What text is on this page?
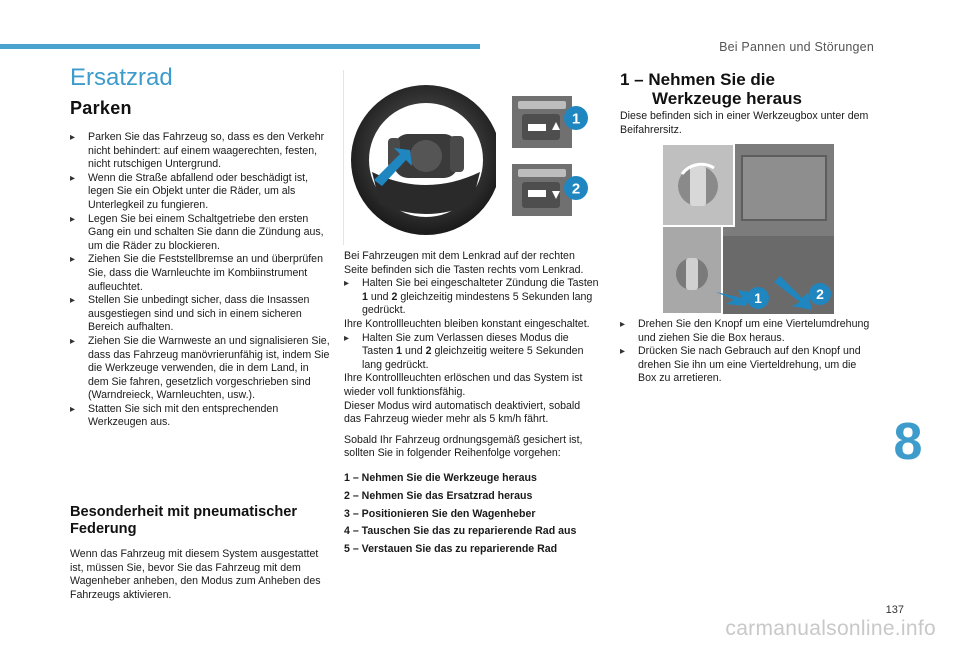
Bei Pannen und Störungen
Ersatzrad
Parken

▸ Parken Sie das Fahrzeug so, dass es den Verkehr nicht behindert: auf einem waagerechten, festen, nicht rutschigen Untergrund.

▸ Wenn die Straße abfallend oder beschädigt ist, legen Sie ein Objekt unter die Räder, um als Unterlegkeil zu fungieren.

▸ Legen Sie bei einem Schaltgetriebe den ersten Gang ein und schalten Sie dann die Zündung aus, um die Räder zu blockieren.

▸ Ziehen Sie die Feststellbremse an und überprüfen Sie, dass die Warnleuchte im Kombiinstrument aufleuchtet.

▸ Stellen Sie unbedingt sicher, dass die Insassen ausgestiegen sind und sich in einem sicheren Bereich aufhalten.

▸ Ziehen Sie die Warnweste an und signalisieren Sie, dass das Fahrzeug manövrierunfähig ist, indem Sie die Werkzeuge verwenden, die in dem Land, in dem Sie fahren, gesetzlich vorgeschrieben sind (Warndreieck, Warnleuchten, usw.).

▸ Statten Sie sich mit den entsprechenden Werkzeugen aus.

Besonderheit mit pneumatischer Federung
Wenn das Fahrzeug mit diesem System ausgestattet ist, müssen Sie, bevor Sie das Fahrzeug mit dem Wagenheber anheben, den Modus zum Anheben des Fahrzeugs aktivieren.
1
2

Bei Fahrzeugen mit dem Lenkrad auf der rechten Seite befinden sich die Tasten rechts vom Lenkrad.

▸ Halten Sie bei eingeschalteter Zündung die Tasten 1 und 2 gleichzeitig mindestens 5 Sekunden lang gedrückt.

Ihre Kontrollleuchten bleiben konstant eingeschaltet.

▸ Halten Sie zum Verlassen dieses Modus die Tasten 1 und 2 gleichzeitig weitere 5 Sekunden lang gedrückt.

Ihre Kontrollleuchten erlöschen und das System ist wieder voll funktionsfähig.

Dieser Modus wird automatisch deaktiviert, sobald das Fahrzeug wieder mehr als 5 km/h fährt.

Sobald Ihr Fahrzeug ordnungsgemäß gesichert ist, sollten Sie in folgender Reihenfolge vorgehen:

1 – Nehmen Sie die Werkzeuge heraus
2 – Nehmen Sie das Ersatzrad heraus
3 – Positionieren Sie den Wagenheber
4 – Tauschen Sie das zu reparierende Rad aus
5 – Verstauen Sie das zu reparierende Rad
1 – Nehmen Sie die
Werkzeuge heraus
Diese befinden sich in einer Werkzeugbox unter dem Beifahrersitz.
1	2

▸ Drehen Sie den Knopf um eine Viertelumdrehung und ziehen Sie die Box heraus.

▸ Drücken Sie nach Gebrauch auf den Knopf und drehen Sie ihn um eine Vierteldrehung, um die Box zu arretieren.

8
137
carmanualsonline.info
